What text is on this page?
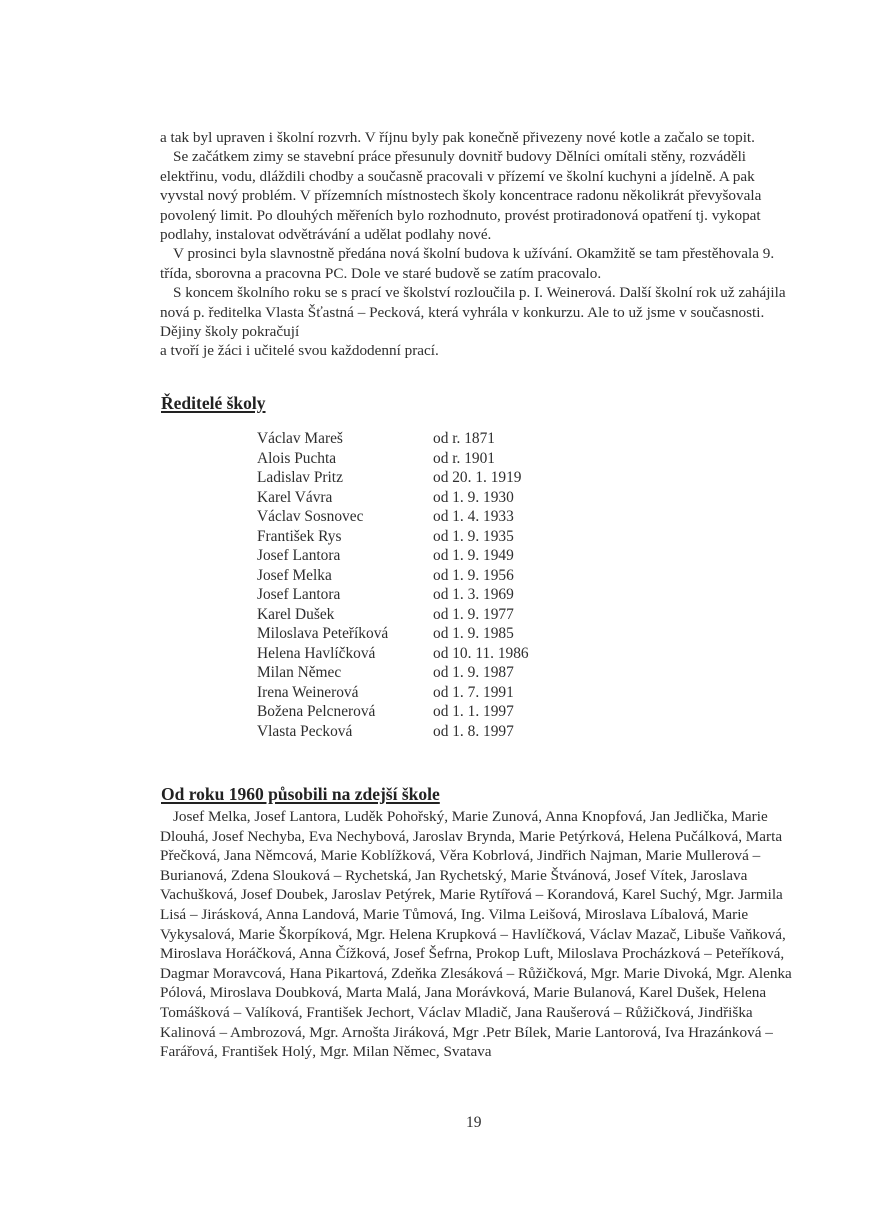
a tak byl upraven i školní rozvrh. V říjnu byly pak konečně přivezeny nové kotle a začalo se topit.

Se začátkem zimy se stavební práce přesunuly dovnitř budovy Dělníci omítali stěny, rozváděli elektřinu, vodu, dláždili chodby a současně pracovali v přízemí ve školní kuchyni a jídelně. A pak vyvstal nový problém. V přízemních místnostech školy koncentrace radonu několikrát převyšovala povolený limit. Po dlouhých měřeních bylo rozhodnuto, provést protiradonová opatření tj. vykopat podlahy, instalovat odvětrávání a udělat podlahy nové.

V prosinci byla slavnostně předána nová školní budova k užívání. Okamžitě se tam přestěhovala 9. třída, sborovna a pracovna PC. Dole ve staré budově se zatím pracovalo.

S koncem školního roku se s prací ve školství rozloučila p. I. Weinerová. Další školní rok už zahájila nová p. ředitelka Vlasta Šťastná – Pecková, která vyhrála v konkurzu. Ale to už jsme v současnosti. Dějiny školy pokračují

a tvoří je žáci i učitelé svou každodenní prací.

Ředitelé školy
Václav Mareš	od r. 1871
Alois Puchta	od r. 1901
Ladislav Pritz	od 20. 1. 1919
Karel Vávra	od 1. 9. 1930
Václav Sosnovec	od 1. 4. 1933
František Rys	od 1. 9. 1935
Josef Lantora	od 1. 9. 1949
Josef Melka	od 1. 9. 1956
Josef Lantora	od 1. 3. 1969
Karel Dušek	od 1. 9. 1977
Miloslava Peteříková	od 1. 9. 1985
Helena Havlíčková	od 10. 11. 1986
Milan Němec	od 1. 9. 1987
Irena Weinerová	od 1. 7. 1991
Božena Pelcnerová	od 1. 1. 1997
Vlasta Pecková	od 1. 8. 1997
Od roku 1960 působili na zdejší škole

Josef Melka, Josef Lantora, Luděk Pohořský, Marie Zunová, Anna Knopfová, Jan Jedlička, Marie Dlouhá, Josef Nechyba, Eva Nechybová, Jaroslav Brynda, Marie Petýrková, Helena Pučálková, Marta Přečková, Jana Němcová, Marie Koblížková, Věra Kobrlová, Jindřich Najman, Marie Mullerová – Burianová, Zdena Slouková – Rychetská, Jan Rychetský, Marie Štvánová, Josef Vítek, Jaroslava Vachušková, Josef Doubek, Jaroslav Petýrek, Marie Rytířová – Korandová, Karel Suchý, Mgr. Jarmila Lisá – Jirásková, Anna Landová, Marie Tůmová, Ing. Vilma Leišová, Miroslava Líbalová, Marie Vykysalová, Marie Škorpíková, Mgr. Helena Krupková – Havlíčková, Václav Mazač, Libuše Vaňková, Miroslava Horáčková, Anna Čížková, Josef Šefrna, Prokop Luft, Miloslava Procházková – Peteříková, Dagmar Moravcová, Hana Pikartová, Zdeňka Zlesáková – Růžičková, Mgr. Marie Divoká, Mgr. Alenka Pólová, Miroslava Doubková, Marta Malá, Jana Morávková, Marie Bulanová, Karel Dušek, Helena Tomášková – Valíková, František Jechort, Václav Mladič, Jana Raušerová – Růžičková, Jindřiška Kalinová – Ambrozová, Mgr. Arnošta Jiráková, Mgr .Petr Bílek, Marie Lantorová, Iva Hrazánková – Farářová, František Holý, Mgr. Milan Němec, Svatava

19
